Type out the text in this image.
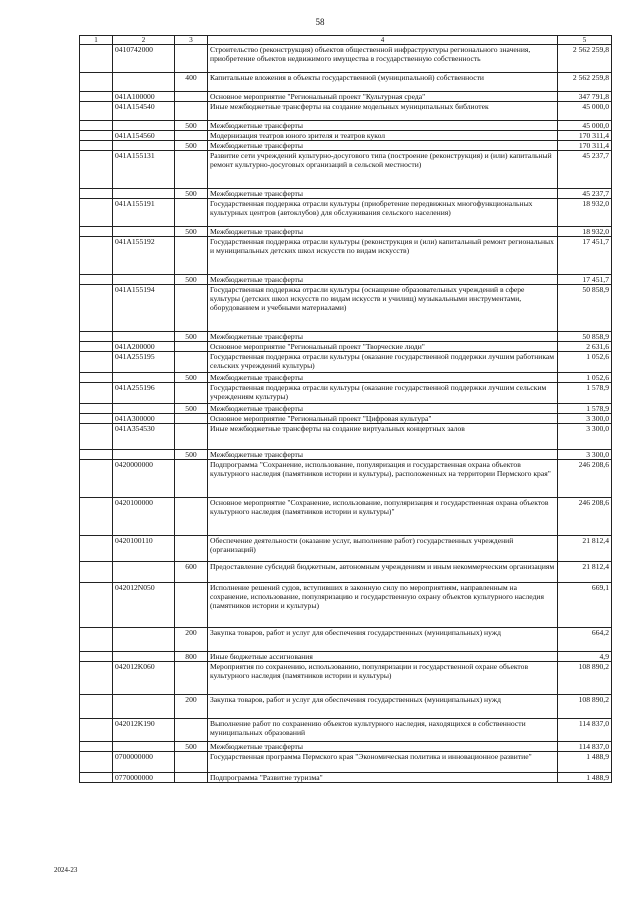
58
1	2	3	4	5
	0410742000		Строительство (реконструкция) объектов общественной инфраструктуры регионального значения, приобретение объектов недвижимого имущества в государственную собственность	2 562 259,8
		400	Капитальные вложения в объекты государственной (муниципальной) собственности	2 562 259,8
	041A100000		Основное мероприятие "Региональный проект "Культурная среда"	347 791,8
	041A154540		Иные межбюджетные трансферты на создание модельных муниципальных библиотек	45 000,0
		500	Межбюджетные трансферты	45 000,0
	041A154560		Модернизация театров юного зрителя и театров кукол	170 311,4
		500	Межбюджетные трансферты	170 311,4
	041A155131		Развитие сети учреждений культурно-досугового типа (построение (реконструкция) и (или) капитальный ремонт культурно-досуговых организаций в сельской местности)	45 237,7
		500	Межбюджетные трансферты	45 237,7
	041A155191		Государственная поддержка отрасли культуры (приобретение передвижных многофункциональных культурных центров (автоклубов) для обслуживания сельского населения)	18 932,0
		500	Межбюджетные трансферты	18 932,0
	041A155192		Государственная поддержка отрасли культуры (реконструкция и (или) капитальный ремонт региональных и муниципальных детских школ искусств по видам искусств)	17 451,7
		500	Межбюджетные трансферты	17 451,7
	041A155194		Государственная поддержка отрасли культуры (оснащение образовательных учреждений в сфере культуры (детских школ искусств по видам искусств и училищ) музыкальными инструментами, оборудованием и учебными материалами)	50 858,9
		500	Межбюджетные трансферты	50 858,9
	041A200000		Основное мероприятие "Региональный проект "Творческие люди"	2 631,6
	041A255195		Государственная поддержка отрасли культуры (оказание государственной поддержки лучшим работникам сельских учреждений культуры)	1 052,6
		500	Межбюджетные трансферты	1 052,6
	041A255196		Государственная поддержка отрасли культуры (оказание государственной поддержки лучшим сельским учреждениям культуры)	1 578,9
		500	Межбюджетные трансферты	1 578,9
	041A300000		Основное мероприятие "Региональный проект "Цифровая культура"	3 300,0
	041A354530		Иные межбюджетные трансферты на создание виртуальных концертных залов	3 300,0
		500	Межбюджетные трансферты	3 300,0
	0420000000		Подпрограмма "Сохранение, использование, популяризация и государственная охрана объектов культурного наследия (памятников истории и культуры), расположенных на территории Пермского края"	246 208,6
	0420100000		Основное мероприятие "Сохранение, использование, популяризация и государственная охрана объектов культурного наследия (памятников истории и культуры)"	246 208,6
	0420100110		Обеспечение деятельности (оказание услуг, выполнение работ) государственных учреждений (организаций)	21 812,4
		600	Предоставление субсидий бюджетным, автономным учреждениям и иным некоммерческим организациям	21 812,4
	042012N050		Исполнение решений судов, вступивших в законную силу по мероприятиям, направленным на сохранение, использование, популяризацию и государственную охрану объектов культурного наследия (памятников истории и культуры)	669,1
		200	Закупка товаров, работ и услуг для обеспечения государственных (муниципальных) нужд	664,2
		800	Иные бюджетные ассигнования	4,9
	042012K060		Мероприятия по сохранению, использованию, популяризации и государственной охране объектов культурного наследия (памятников истории и культуры)	108 890,2
		200	Закупка товаров, работ и услуг для обеспечения государственных (муниципальных) нужд	108 890,2
	042012K190		Выполнение работ по сохранению объектов культурного наследия, находящихся в собственности муниципальных образований	114 837,0
		500	Межбюджетные трансферты	114 837,0
	0700000000		Государственная программа Пермского края "Экономическая политика и инновационное развитие"	1 488,9
	0770000000		Подпрограмма "Развитие туризма"	1 488,9
2024-23
